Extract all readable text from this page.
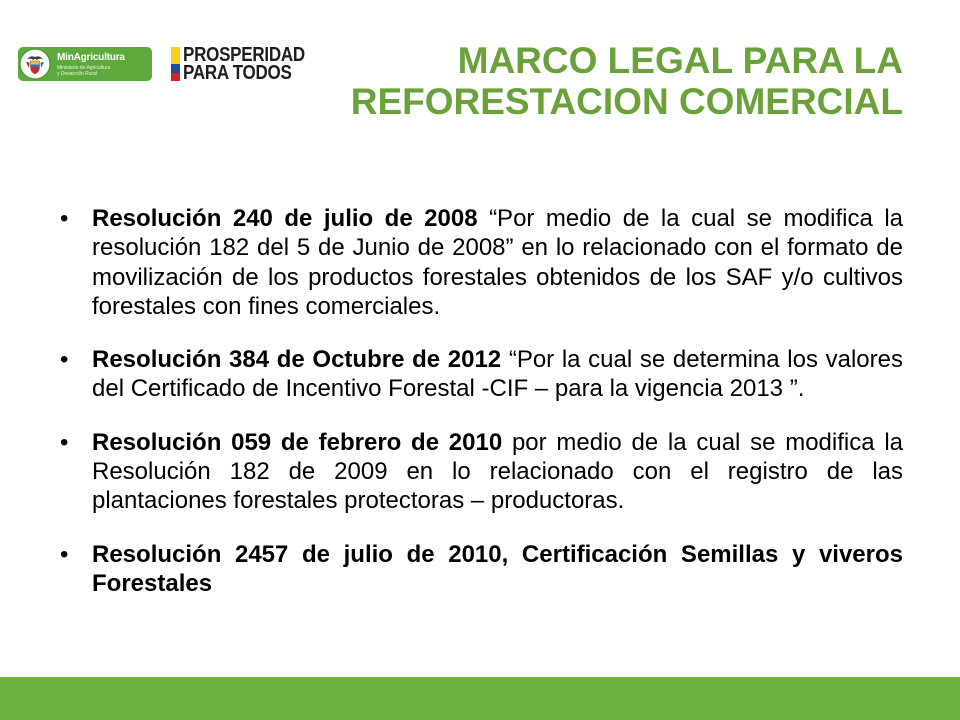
MinAgricultura
Ministerio de Agricultura
y Desarrollo Rural
PROSPERIDAD
PARA TODOS	MARCO LEGAL PARA LA
REFORESTACION COMERCIAL
•
Resolución 240 de julio de 2008 “Por medio de la cual se modifica la resolución 182 del 5 de Junio de 2008” en lo relacionado con el formato de movilización de los productos forestales obtenidos de los SAF y/o cultivos forestales con fines comerciales.
•
Resolución 384 de Octubre de 2012 “Por la cual se determina los valores del Certificado de Incentivo Forestal -CIF – para la vigencia 2013 ”.
•
Resolución 059 de febrero de 2010 por medio de la cual se modifica la Resolución 182 de 2009 en lo relacionado con el registro de las plantaciones forestales protectoras – productoras.
•
Resolución 2457 de julio de 2010, Certificación Semillas y viveros Forestales
